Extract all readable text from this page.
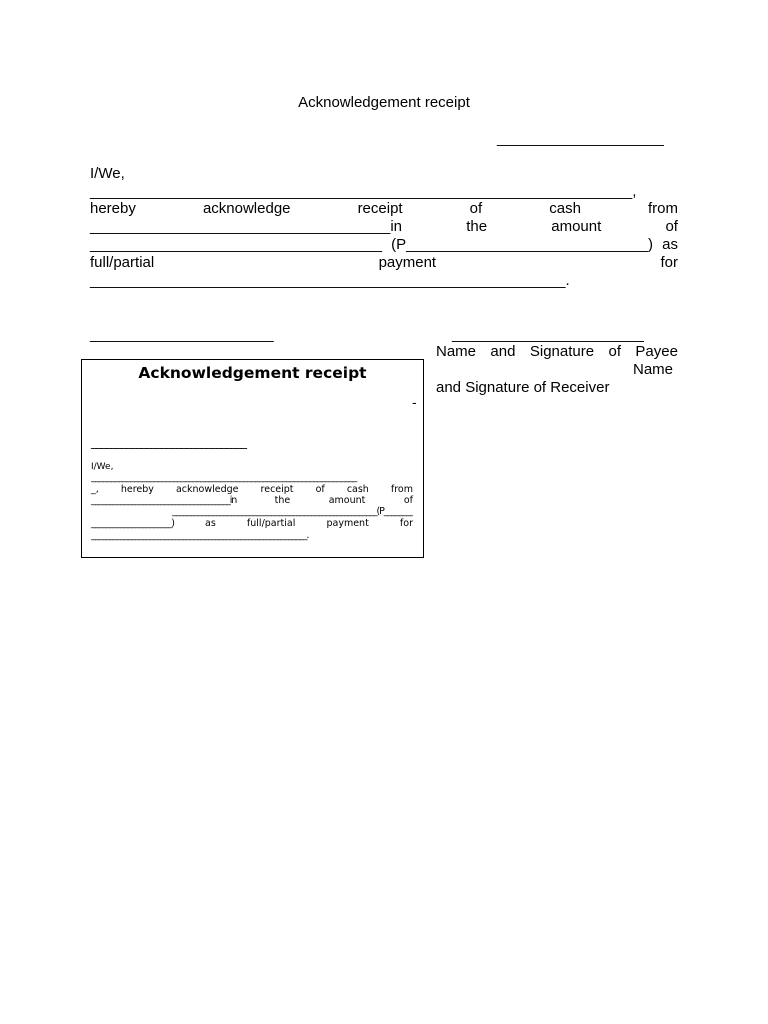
Acknowledgement receipt
____________________
I/We,
_________________________________________________________________,
hereby	acknowledge	receipt	of	cash	from
____________________________________in	the	amount	of
___________________________________ (P_____________________________) as
full/partial	payment	for
_________________________________________________________.
______________________	_______________________
Name and Signature of Payee
Name
and Signature of Receiver
Acknowledgement receipt
-
_______________________________
I/We,
____________________________________________________________________
_, hereby acknowledge receipt of cash from
______________________________________in	the	amount	of
________________________________________________________(P________
______________________)	as	full/partial	payment	for
___________________________________________________________.
